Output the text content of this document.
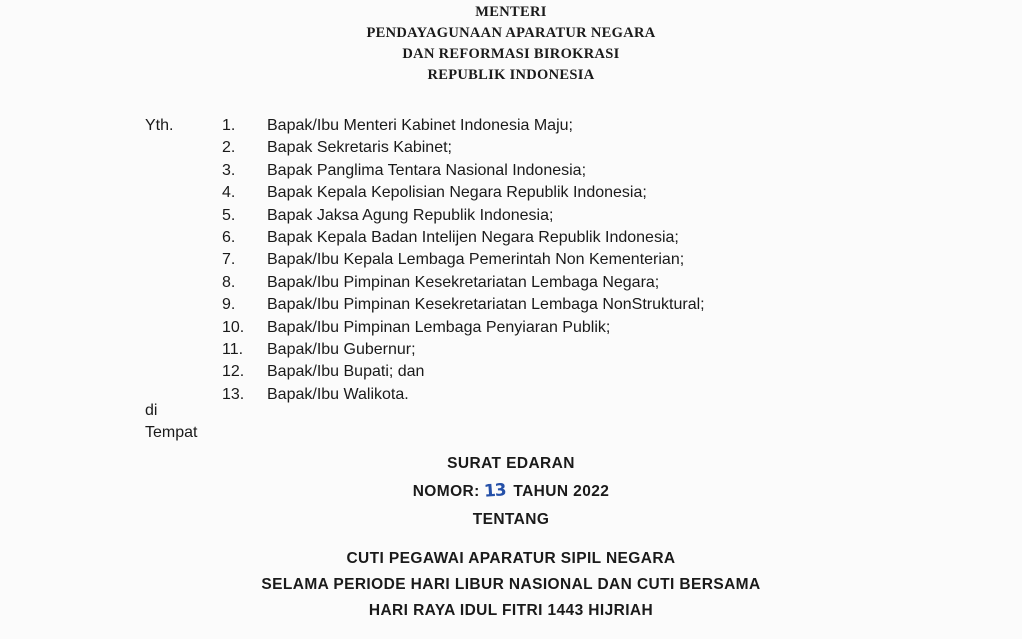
MENTERI
PENDAYAGUNAAN APARATUR NEGARA
DAN REFORMASI BIROKRASI
REPUBLIK INDONESIA
Yth.	1.	Bapak/Ibu Menteri Kabinet Indonesia Maju;
2.	Bapak Sekretaris Kabinet;
3.	Bapak Panglima Tentara Nasional Indonesia;
4.	Bapak Kepala Kepolisian Negara Republik Indonesia;
5.	Bapak Jaksa Agung Republik Indonesia;
6.	Bapak Kepala Badan Intelijen Negara Republik Indonesia;
7.	Bapak/Ibu Kepala Lembaga Pemerintah Non Kementerian;
8.	Bapak/Ibu Pimpinan Kesekretariatan Lembaga Negara;
9.	Bapak/Ibu Pimpinan Kesekretariatan Lembaga NonStruktural;
10.	Bapak/Ibu Pimpinan Lembaga Penyiaran Publik;
11.	Bapak/Ibu Gubernur;
12.	Bapak/Ibu Bupati; dan
13.	Bapak/Ibu Walikota.
di
Tempat
SURAT EDARAN
NOMOR: 13 TAHUN 2022
TENTANG
CUTI PEGAWAI APARATUR SIPIL NEGARA
SELAMA PERIODE HARI LIBUR NASIONAL DAN CUTI BERSAMA
HARI RAYA IDUL FITRI 1443 HIJRIAH
